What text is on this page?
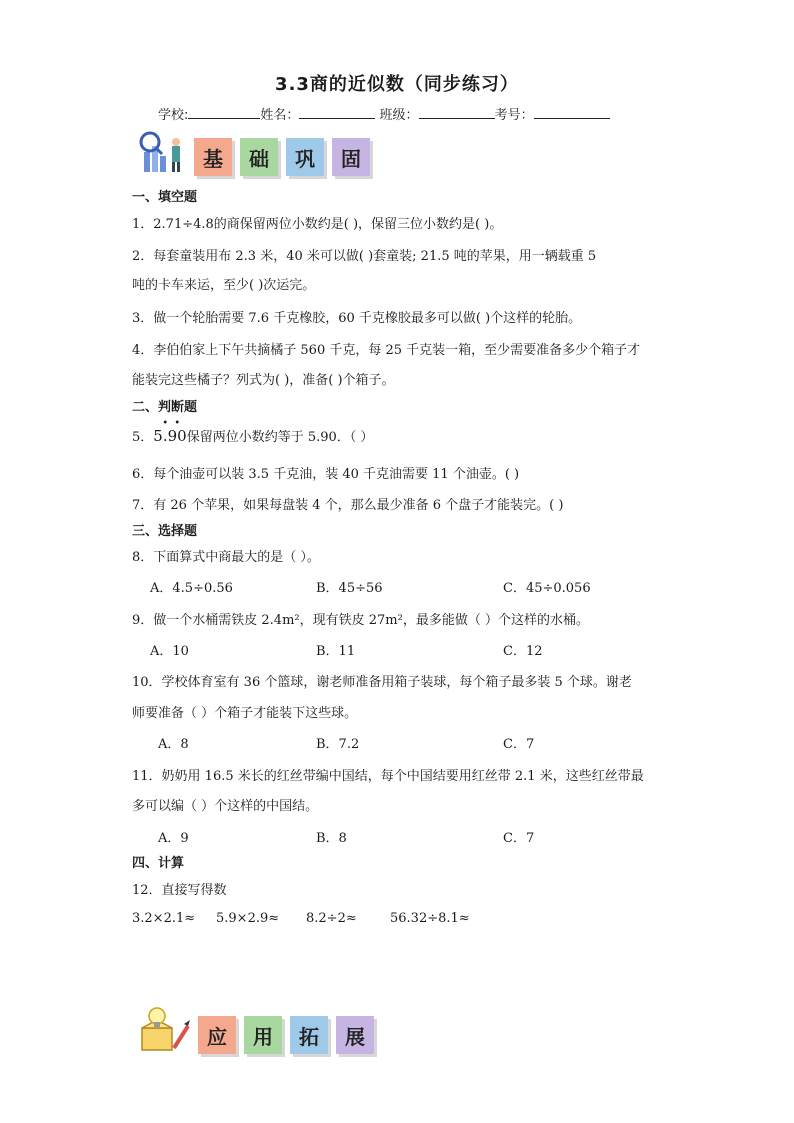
3.3商的近似数（同步练习）
学校:	姓名：	班级：	考号：
基	础	巩	固
一、填空题
1．2.71÷4.8的商保留两位小数约是( )，保留三位小数约是( )。
2．每套童装用布 2.3 米，40 米可以做( )套童装; 21.5 吨的苹果，用一辆载重 5
吨的卡车来运，至少( )次运完。
3．做一个轮胎需要 7.6 千克橡胶，60 千克橡胶最多可以做( )个这样的轮胎。
4．李伯伯家上下午共摘橘子 560 千克，每 25 千克装一箱，至少需要准备多少个箱子才
能装完这些橘子？列式为( )，准备( )个箱子。
二、判断题
5．
• •
5.90保留两位小数约等于 5.90．（ ）
6．每个油壶可以装 3.5 千克油，装 40 千克油需要 11 个油壶。( )
7．有 26 个苹果，如果每盘装 4 个，那么最少准备 6 个盘子才能装完。( )
三、选择题
8．下面算式中商最大的是（ ）。
A．4.5÷0.56	B．45÷56	C．45÷0.056
9．做一个水桶需铁皮 2.4m²，现有铁皮 27m²，最多能做（ ）个这样的水桶。
A．10	B．11	C．12
10．学校体育室有 36 个篮球，谢老师准备用箱子装球，每个箱子最多装 5 个球。谢老
师要准备（ ）个箱子才能装下这些球。
A．8	B．7.2	C．7
11．奶奶用 16.5 米长的红丝带编中国结，每个中国结要用红丝带 2.1 米，这些红丝带最
多可以编（ ）个这样的中国结。
A．9	B．8	C．7
四、计算
12．直接写得数
3.2×2.1≈ 5.9×2.9≈ 8.2÷2≈	56.32÷8.1≈
应	用	拓	展
